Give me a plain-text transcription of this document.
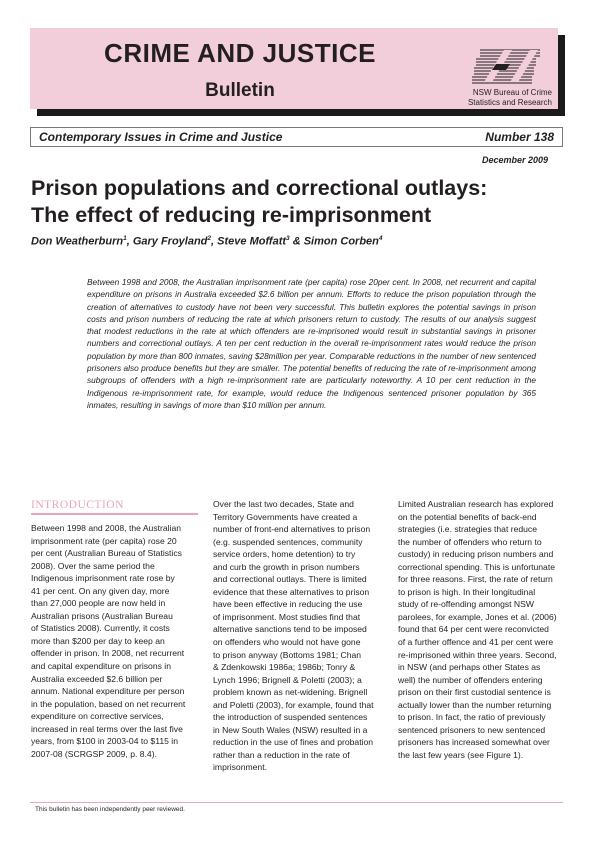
CRIME AND JUSTICE
Bulletin	NSW Bureau of Crime
Statistics and Research
Contemporary Issues in Crime and Justice	Number 138
December 2009
Prison populations and correctional outlays:
The effect of reducing re-imprisonment
Don Weatherburn$^1$, Gary Froyland$^2$, Steve Moffatt$^3$ & Simon Corben$^4$
Between 1998 and 2008, the Australian imprisonment rate (per capita) rose 20per cent. In 2008, net recurrent and capital expenditure on prisons in Australia exceeded $2.6 billion per annum. Efforts to reduce the prison population through the creation of alternatives to custody have not been very successful. This bulletin explores the potential savings in prison costs and prison numbers of reducing the rate at which prisoners return to custody. The results of our analysis suggest that modest reductions in the rate at which offenders are re-imprisoned would result in substantial savings in prisoner numbers and correctional outlays. A ten per cent reduction in the overall re-imprisonment rates would reduce the prison population by more than 800 inmates, saving $28million per year. Comparable reductions in the number of new sentenced prisoners also produce benefits but they are smaller. The potential benefits of reducing the rate of re-imprisonment among subgroups of offenders with a high re-imprisonment rate are particularly noteworthy. A 10 per cent reduction in the Indigenous re-imprisonment rate, for example, would reduce the Indigenous sentenced prisoner population by 365 inmates, resulting in savings of more than $10 million per annum.
INTRODUCTION
Between 1998 and 2008, the Australian
imprisonment rate (per capita) rose 20
per cent (Australian Bureau of Statistics
2008). Over the same period the
Indigenous imprisonment rate rose by
41 per cent. On any given day, more
than 27,000 people are now held in
Australian prisons (Australian Bureau
of Statistics 2008). Currently, it costs
more than $200 per day to keep an
offender in prison. In 2008, net recurrent
and capital expenditure on prisons in
Australia exceeded $2.6 billion per
annum. National expenditure per person
in the population, based on net recurrent
expenditure on corrective services,
increased in real terms over the last five
years, from $100 in 2003-04 to $115 in
2007-08 (SCRGSP 2009, p. 8.4).
Over the last two decades, State and
Territory Governments have created a
number of front-end alternatives to prison
(e.g. suspended sentences, community
service orders, home detention) to try
and curb the growth in prison numbers
and correctional outlays. There is limited
evidence that these alternatives to prison
have been effective in reducing the use
of imprisonment. Most studies find that
alternative sanctions tend to be imposed
on offenders who would not have gone
to prison anyway (Bottoms 1981; Chan
& Zdenkowski 1986a; 1986b; Tonry &
Lynch 1996; Brignell & Poletti (2003); a
problem known as net-widening. Brignell
and Poletti (2003), for example, found that
the introduction of suspended sentences
in New South Wales (NSW) resulted in a
reduction in the use of fines and probation
rather than a reduction in the rate of
imprisonment.
Limited Australian research has explored
on the potential benefits of back-end
strategies (i.e. strategies that reduce
the number of offenders who return to
custody) in reducing prison numbers and
correctional spending. This is unfortunate
for three reasons. First, the rate of return
to prison is high. In their longitudinal
study of re-offending amongst NSW
parolees, for example, Jones et al. (2006)
found that 64 per cent were reconvicted
of a further offence and 41 per cent were
re-imprisoned within three years. Second,
in NSW (and perhaps other States as
well) the number of offenders entering
prison on their first custodial sentence is
actually lower than the number returning
to prison. In fact, the ratio of previously
sentenced prisoners to new sentenced
prisoners has increased somewhat over
the last few years (see Figure 1).
This bulletin has been independently peer reviewed.
